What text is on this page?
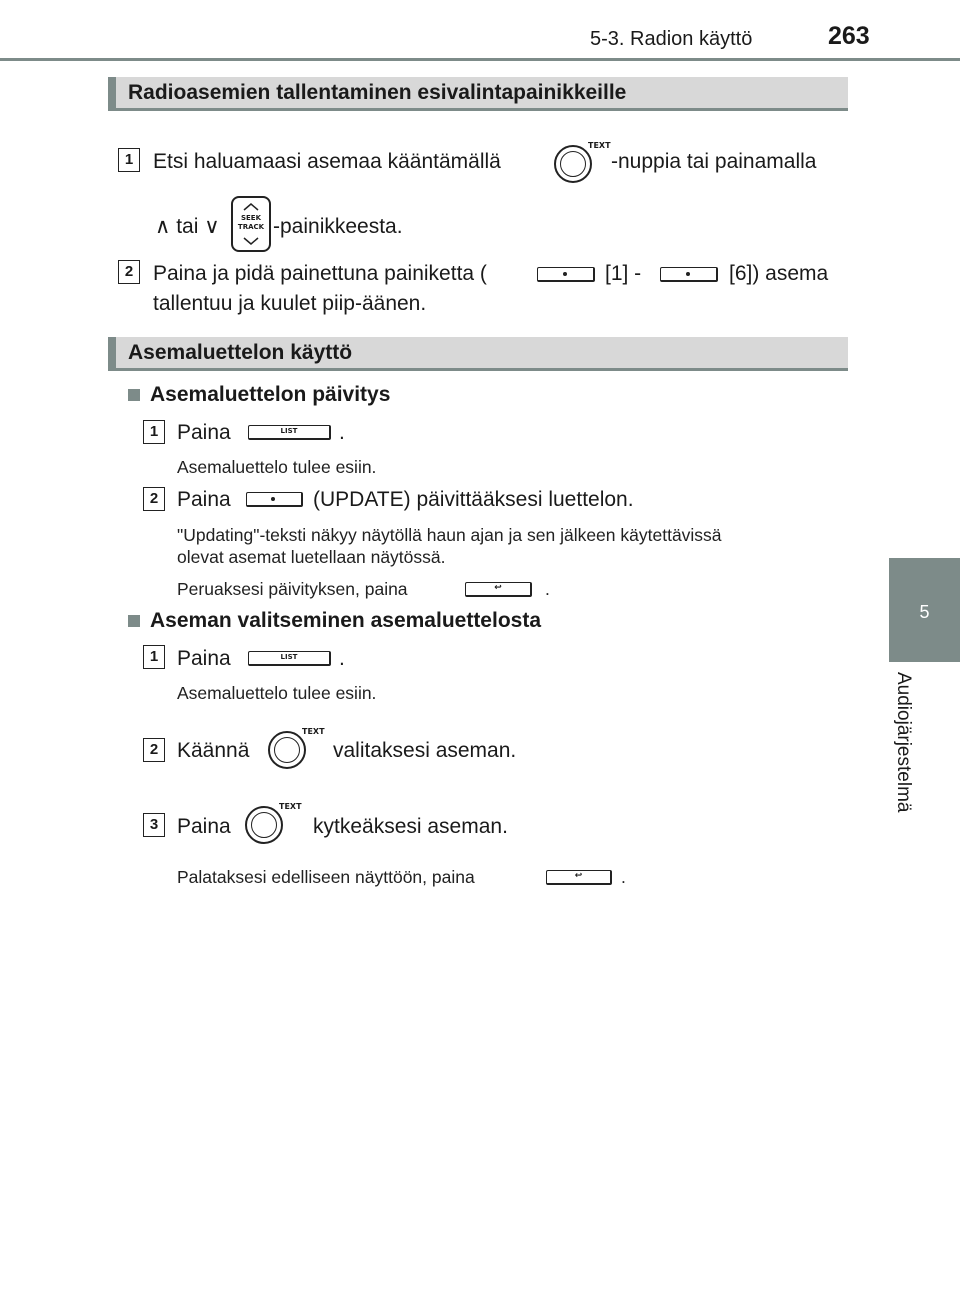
5-3. Radion käyttö	263
5
Audiojärjestelmä
Radioasemien tallentaminen esivalintapainikkeille
1 Etsi haluamaasi asemaa kääntämällä
TEXT
-nuppia tai painamalla
∧ tai ∨	SEEK
TRACK -painikkeesta.
2 Paina ja pidä painettuna painiketta (	[1] -	[6]) asema
tallentuu ja kuulet piip-äänen.
Asemaluettelon käyttö
Asemaluettelon päivitys
1 Paina	LIST	.
Asemaluettelo tulee esiin.
2 Paina	(UPDATE) päivittääksesi luettelon.
"Updating"-teksti näkyy näytöllä haun ajan ja sen jälkeen käytettävissä
olevat asemat luetellaan näytössä.
Peruaksesi päivityksen, paina	↩	.
Aseman valitseminen asemaluettelosta
1 Paina	LIST	.
Asemaluettelo tulee esiin.
2 Käännä
TEXT
valitaksesi aseman.
3 Paina
TEXT
kytkeäksesi aseman.
Palataksesi edelliseen näyttöön, paina	↩	.
